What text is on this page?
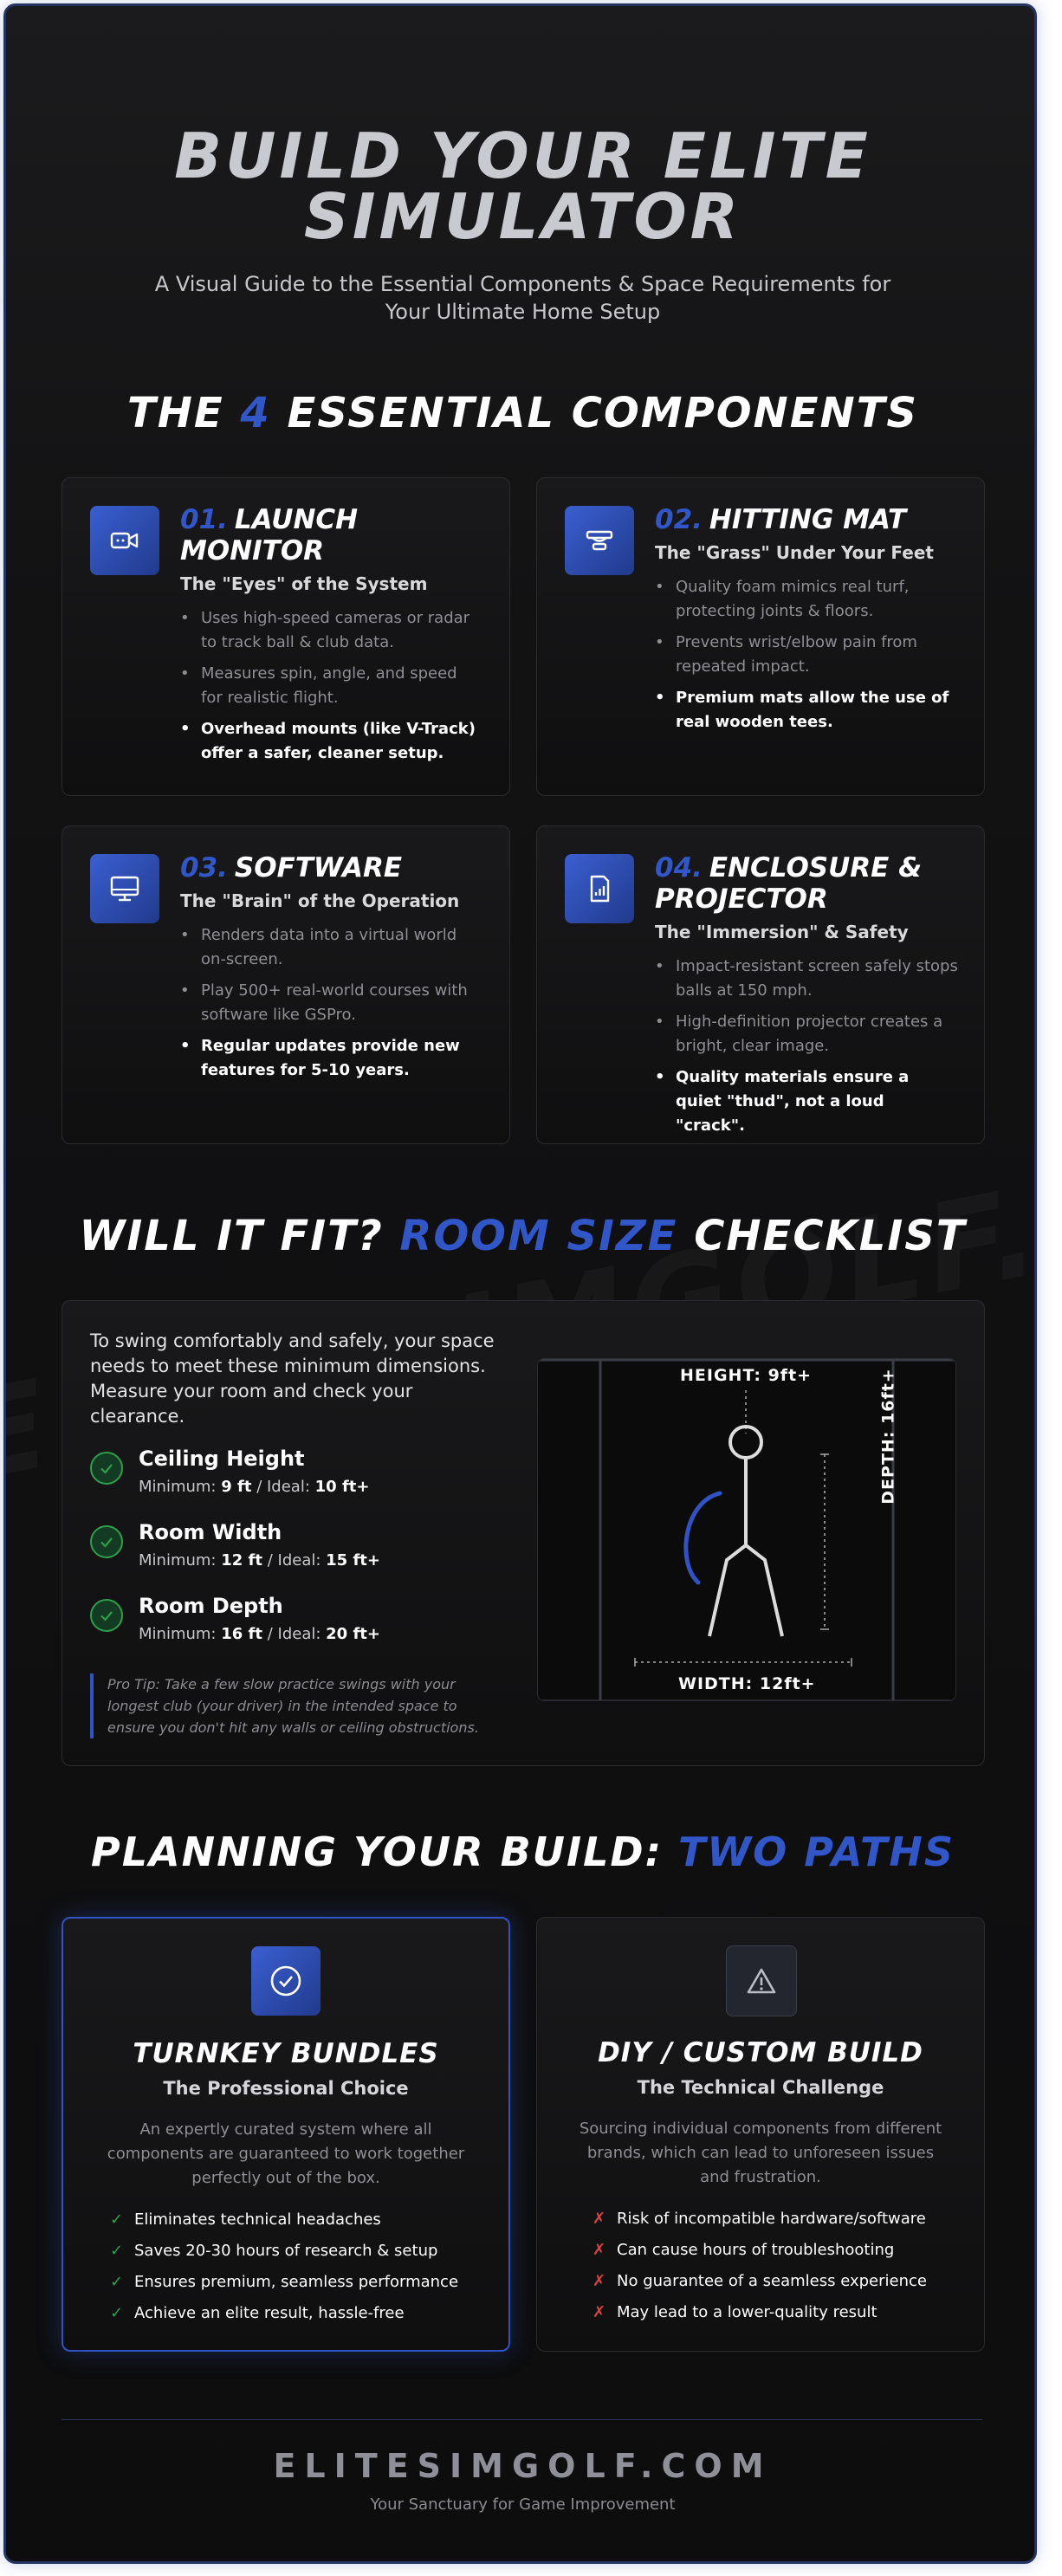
BUILD YOUR ELITE
SIMULATOR

A Visual Guide to the Essential Components & Space Requirements for Your Ultimate Home Setup

THE 4 ESSENTIAL COMPONENTS
01. LAUNCH MONITOR
The "Eyes" of the System
• Uses high-speed cameras or radar to track ball & club data.
• Measures spin, angle, and speed for realistic flight.
• Overhead mounts (like V-Track) offer a safer, cleaner setup.
02. HITTING MAT
The "Grass" Under Your Feet
• Quality foam mimics real turf, protecting joints & floors.
• Prevents wrist/elbow pain from repeated impact.
• Premium mats allow the use of real wooden tees.
03. SOFTWARE
The "Brain" of the Operation
• Renders data into a virtual world on-screen.
• Play 500+ real-world courses with software like GSPro.
• Regular updates provide new features for 5-10 years.
04. ENCLOSURE & PROJECTOR
The "Immersion" & Safety
• Impact-resistant screen safely stops balls at 150 mph.
• High-definition projector creates a bright, clear image.
• Quality materials ensure a quiet "thud", not a loud "crack".
WILL IT FIT? ROOM SIZE CHECKLIST

To swing comfortably and safely, your space needs to meet these minimum dimensions. Measure your room and check your clearance.

Ceiling Height
Minimum: 9 ft / Ideal: 10 ft+
Room Width
Minimum: 12 ft / Ideal: 15 ft+
Room Depth
Minimum: 16 ft / Ideal: 20 ft+
Pro Tip: Take a few slow practice swings with your longest club (your driver) in the intended space to ensure you don't hit any walls or ceiling obstructions.
HEIGHT: 9ft+
WIDTH: 12ft+
DEPTH: 16ft+
PLANNING YOUR BUILD: TWO PATHS
TURNKEY BUNDLES
The Professional Choice

An expertly curated system where all components are guaranteed to work together perfectly out of the box.

✓ Eliminates technical headaches
✓ Saves 20-30 hours of research & setup
✓ Ensures premium, seamless performance
✓ Achieve an elite result, hassle-free
DIY / CUSTOM BUILD
The Technical Challenge

Sourcing individual components from different brands, which can lead to unforeseen issues and frustration.

✗ Risk of incompatible hardware/software
✗ Can cause hours of troubleshooting
✗ No guarantee of a seamless experience
✗ May lead to a lower-quality result
ELITESIMGOLF.COM
Your Sanctuary for Game Improvement
